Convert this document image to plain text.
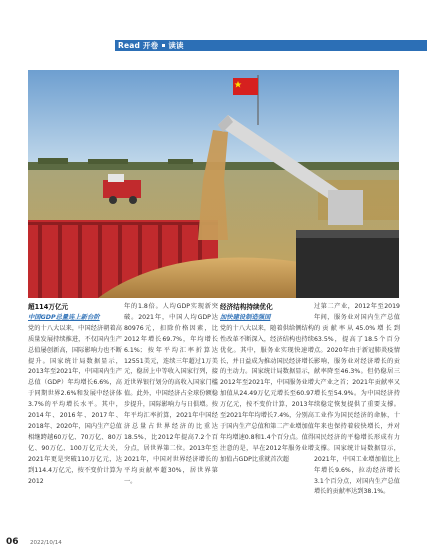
Read 开卷 读读

超114万亿元

中国GDP总量连上新台阶

党的十八大以来，中国经济朝着高质量发展持续推进，不仅国内生产总值屡创新高，国际影响力也不断提升。国家统计局数据显示，2013年至2021年，中国国内生产总值（GDP）年均增长6.6%，高于同期世界2.6%和发展中经济体3.7%的平均增长水平。其中，2014年、2016年、2017年、2018年、2020年，国内生产总值相继跨越60万亿、70万亿、80万亿、90万亿、100万亿元大关，2021年更是突破110万亿元，达到114.4万亿元，按不变价计算为2012

年的1.8倍。人均GDP实现新突破。2021年，中国人均GDP达80976元，扣除价格因素，比2012年增长69.7%，年均增长6.1%；按年平均汇率折算达12551美元，连续三年超过1万美元，稳居上中等收入国家行列，接近世界银行划分的高收入国家门槛值。此外，中国经济占全球份额稳步提升，国际影响力与日俱增。按年平均汇率折算，2021年中国经济总量占世界经济的比重达18.5%，比2012年提高7.2个百分点，居世界第二位。2013年至2021年，中国对世界经济增长的平均贡献率超30%，居世界第一。

经济结构持续优化

加快建设制造强国

党的十八大以来，随着供给侧结构性改革不断深入，经济结构也持续优化。其中，服务业实现快速增长，并日益成为推动国民经济增长的主动力。国家统计局数据显示，2012年至2021年，中国服务业增加值从24.49万亿元增长至60.97万亿元，按不变价计算，2013年至2021年年均增长7.4%，分别高于国内生产总值和第二产业增加值年均增速0.8和1.4个百分点。值得注意的是，早在2012年服务业增加值占GDP比重就首次超

过第二产业，2012年至2019年间，服务业对国内生产总值的贡献率从45.0%增长到63.5%，提高了18.5个百分点。2020年由于新冠肺炎疫情影响，服务业对经济增长的贡献率降至46.3%。但仍稳居三大产业之首；2021年贡献率又增长至54.9%。为中国经济持续稳定恢复提供了重要支撑。工业作为国民经济的命脉，十年来也保持着较快增长，并对国民经济的平稳增长形成有力支撑。国家统计局数据显示，2021年，中国工业增加值比上年增长9.6%，拉动经济增长3.1个百分点，对国内生产总值增长的贡献率达到38.1%。

06 2022/10/14
